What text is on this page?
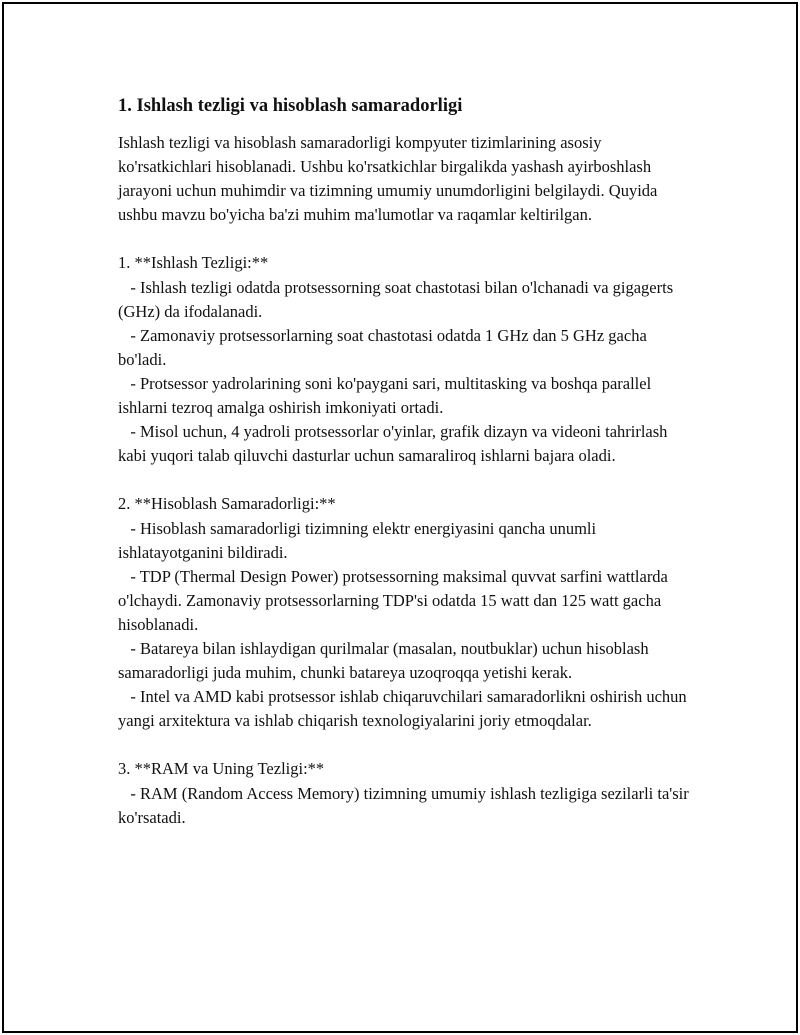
1. Ishlash tezligi va hisoblash samaradorligi

Ishlash tezligi va hisoblash samaradorligi kompyuter tizimlarining asosiy ko'rsatkichlari hisoblanadi. Ushbu ko'rsatkichlar birgalikda yashash ayirboshlash jarayoni uchun muhimdir va tizimning umumiy unumdorligini belgilaydi. Quyida ushbu mavzu bo'yicha ba'zi muhim ma'lumotlar va raqamlar keltirilgan.

1. **Ishlash Tezligi:**

- Ishlash tezligi odatda protsessorning soat chastotasi bilan o'lchanadi va gigagerts (GHz) da ifodalanadi.

- Zamonaviy protsessorlarning soat chastotasi odatda 1 GHz dan 5 GHz gacha bo'ladi.

- Protsessor yadrolarining soni ko'paygani sari, multitasking va boshqa parallel ishlarni tezroq amalga oshirish imkoniyati ortadi.

- Misol uchun, 4 yadroli protsessorlar o'yinlar, grafik dizayn va videoni tahrirlash kabi yuqori talab qiluvchi dasturlar uchun samaraliroq ishlarni bajara oladi.

2. **Hisoblash Samaradorligi:**

- Hisoblash samaradorligi tizimning elektr energiyasini qancha unumli ishlatayotganini bildiradi.

- TDP (Thermal Design Power) protsessorning maksimal quvvat sarfini wattlarda o'lchaydi. Zamonaviy protsessorlarning TDP'si odatda 15 watt dan 125 watt gacha hisoblanadi.

- Batareya bilan ishlaydigan qurilmalar (masalan, noutbuklar) uchun hisoblash samaradorligi juda muhim, chunki batareya uzoqroqqa yetishi kerak.

- Intel va AMD kabi protsessor ishlab chiqaruvchilari samaradorlikni oshirish uchun yangi arxitektura va ishlab chiqarish texnologiyalarini joriy etmoqdalar.

3. **RAM va Uning Tezligi:**

- RAM (Random Access Memory) tizimning umumiy ishlash tezligiga sezilarli ta'sir ko'rsatadi.
